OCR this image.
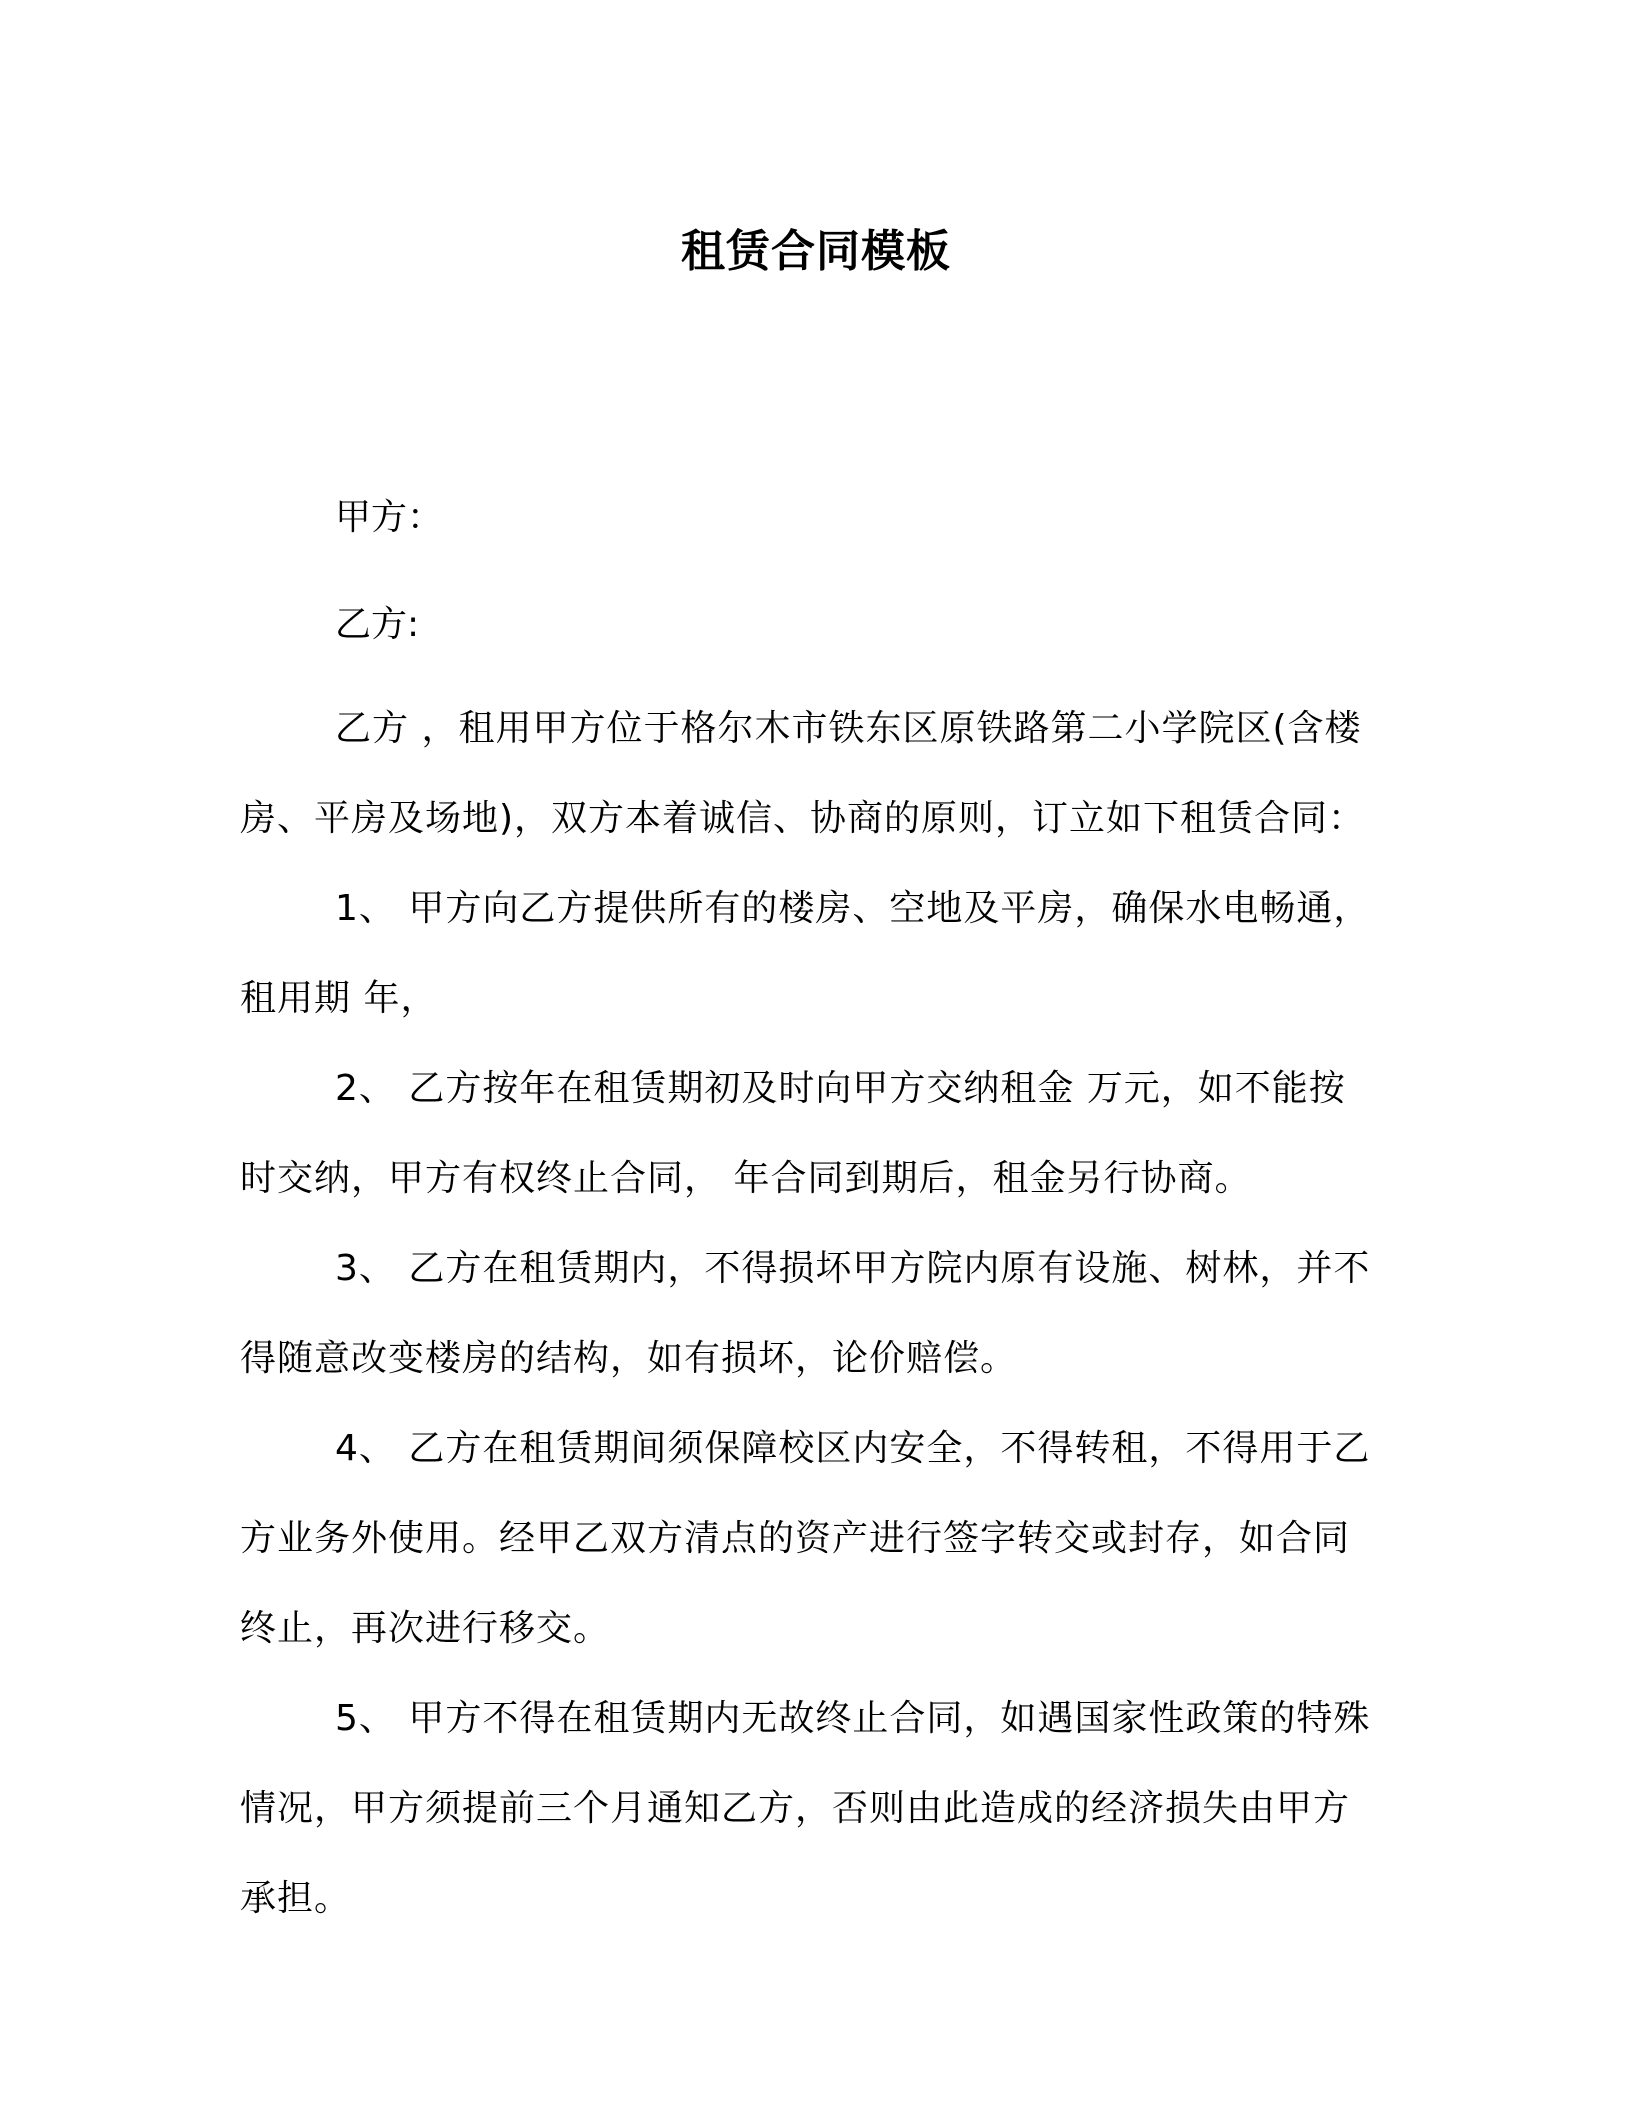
租赁合同模板
甲方：
乙方:

乙方 ，租用甲方位于格尔木市铁东区原铁路第二小学院区(含楼房、平房及场地)，双方本着诚信、协商的原则，订立如下租赁合同：

1、 甲方向乙方提供所有的楼房、空地及平房，确保水电畅通，租用期 年，

2、 乙方按年在租赁期初及时向甲方交纳租金 万元，如不能按时交纳，甲方有权终止合同， 年合同到期后，租金另行协商。

3、 乙方在租赁期内，不得损坏甲方院内原有设施、树林，并不得随意改变楼房的结构，如有损坏，论价赔偿。

4、 乙方在租赁期间须保障校区内安全，不得转租，不得用于乙方业务外使用。经甲乙双方清点的资产进行签字转交或封存，如合同终止，再次进行移交。

5、 甲方不得在租赁期内无故终止合同，如遇国家性政策的特殊情况，甲方须提前三个月通知乙方，否则由此造成的经济损失由甲方承担。
